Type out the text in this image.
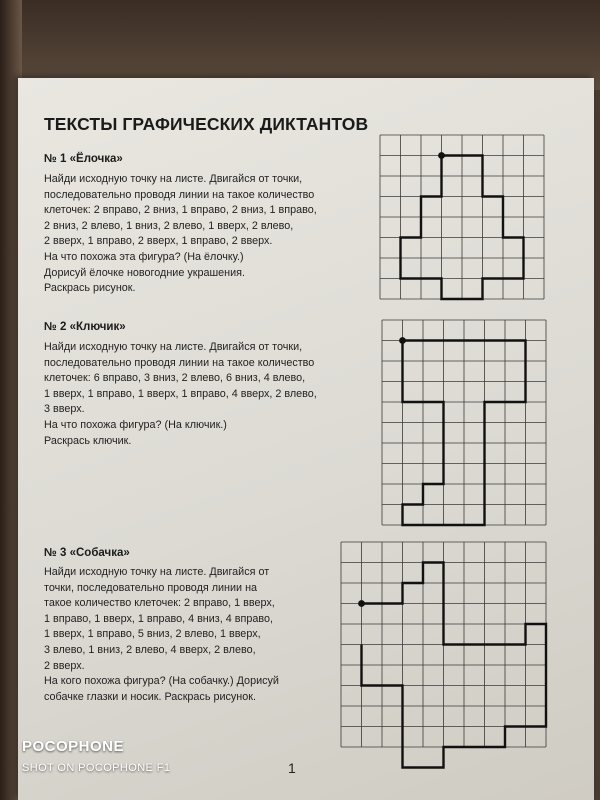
ТЕКСТЫ ГРАФИЧЕСКИХ ДИКТАНТОВ
№ 1 «Ёлочка»

Найди исходную точку на листе. Двигайся от точки,

последовательно проводя линии на такое количество

клеточек: 2 вправо, 2 вниз, 1 вправо, 2 вниз, 1 вправо,

2 вниз, 2 влево, 1 вниз, 2 влево, 1 вверх, 2 влево,

2 вверх, 1 вправо, 2 вверх, 1 вправо, 2 вверх.

На что похожа эта фигура? (На ёлочку.)

Дорисуй ёлочке новогодние украшения.

Раскрась рисунок.

№ 2 «Ключик»

Найди исходную точку на листе. Двигайся от точки,

последовательно проводя линии на такое количество

клеточек: 6 вправо, 3 вниз, 2 влево, 6 вниз, 4 влево,

1 вверх, 1 вправо, 1 вверх, 1 вправо, 4 вверх, 2 влево,

3 вверх.

На что похожа фигура? (На ключик.)

Раскрась ключик.

№ 3 «Собачка»

Найди исходную точку на листе. Двигайся от

точки, последовательно проводя линии на

такое количество клеточек: 2 вправо, 1 вверх,

1 вправо, 1 вверх, 1 вправо, 4 вниз, 4 вправо,

1 вверх, 1 вправо, 5 вниз, 2 влево, 1 вверх,

3 влево, 1 вниз, 2 влево, 4 вверх, 2 влево,

2 вверх.

На кого похожа фигура? (На собачку.) Дорисуй

собачке глазки и носик. Раскрась рисунок.

1
POCOPHONE
SHOT ON POCOPHONE F1
